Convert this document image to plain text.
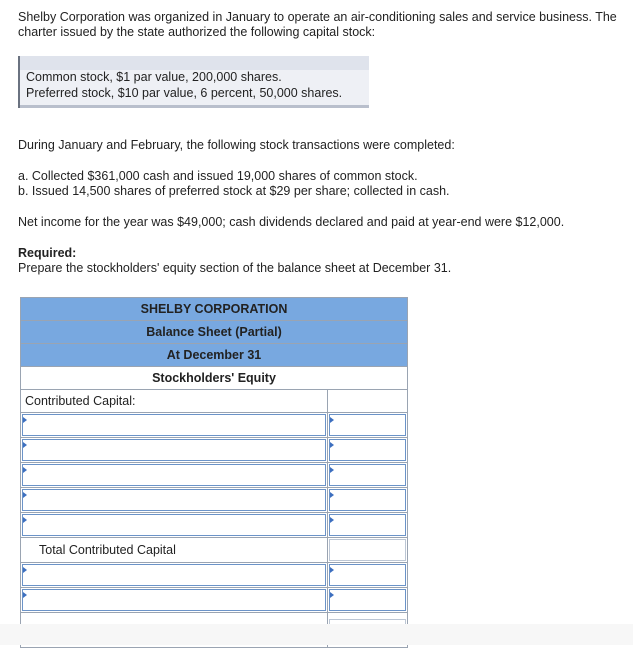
Shelby Corporation was organized in January to operate an air-conditioning sales and service business. The charter issued by the state authorized the following capital stock:

Common stock, $1 par value, 200,000 shares.
Preferred stock, $10 par value, 6 percent, 50,000 shares.

During January and February, the following stock transactions were completed:

a. Collected $361,000 cash and issued 19,000 shares of common stock.

b. Issued 14,500 shares of preferred stock at $29 per share; collected in cash.

Net income for the year was $49,000; cash dividends declared and paid at year-end were $12,000.

Required:

Prepare the stockholders' equity section of the balance sheet at December 31.

SHELBY CORPORATION	

Balance Sheet (Partial)	

At December 31	

Stockholders' Equity	
Contributed Capital:	

Total Contributed Capital	
